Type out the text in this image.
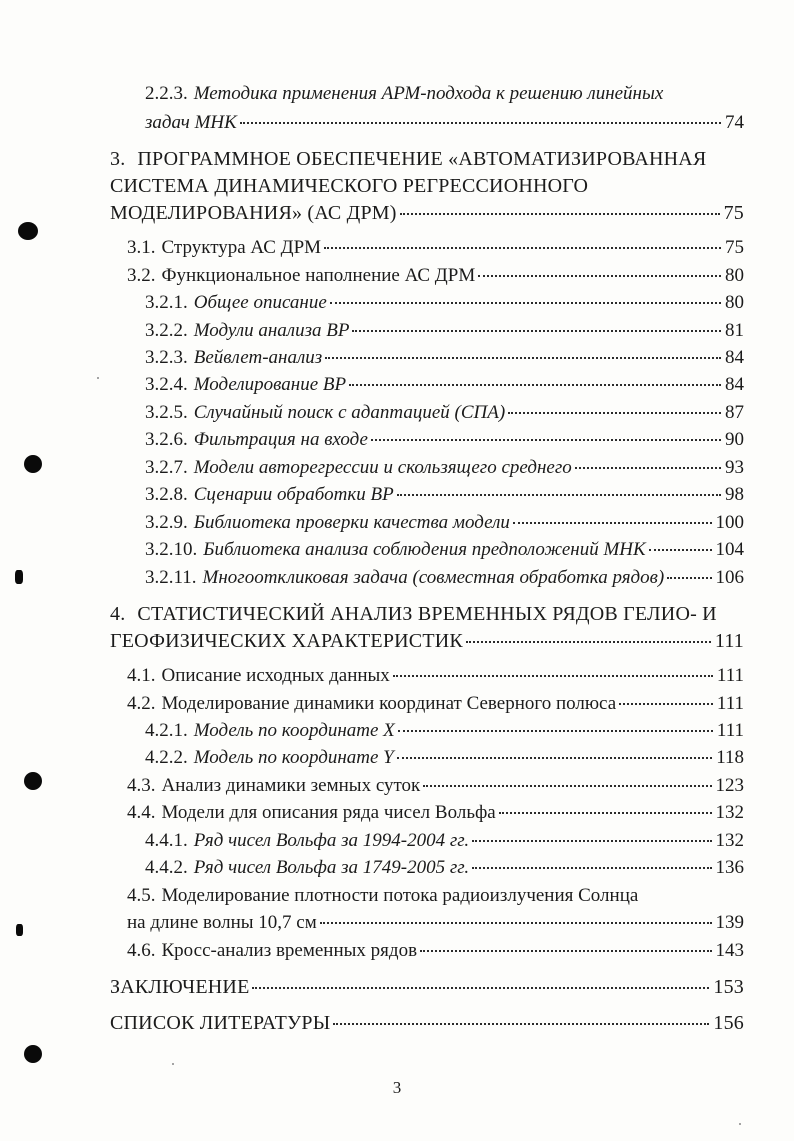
2.2.3. Методика применения АРМ-подхода к решению линейных
задач МНК	74
3. ПРОГРАММНОЕ ОБЕСПЕЧЕНИЕ «АВТОМАТИЗИРОВАННАЯ
СИСТЕМА ДИНАМИЧЕСКОГО РЕГРЕССИОННОГО
МОДЕЛИРОВАНИЯ» (АС ДРМ)	75
3.1. Структура АС ДРМ	75
3.2. Функциональное наполнение АС ДРМ	80
3.2.1. Общее описание	80
3.2.2. Модули анализа ВР	81
3.2.3. Вейвлет-анализ	84
3.2.4. Моделирование ВР	84
3.2.5. Случайный поиск с адаптацией (СПА)	87
3.2.6. Фильтрация на входе	90
3.2.7. Модели авторегрессии и скользящего среднего	93
3.2.8. Сценарии обработки ВР	98
3.2.9. Библиотека проверки качества модели	100
3.2.10. Библиотека анализа соблюдения предположений МНК	104
3.2.11. Многооткликовая задача (совместная обработка рядов)	106
4. СТАТИСТИЧЕСКИЙ АНАЛИЗ ВРЕМЕННЫХ РЯДОВ ГЕЛИО- И
ГЕОФИЗИЧЕСКИХ ХАРАКТЕРИСТИК	111
4.1. Описание исходных данных	111
4.2. Моделирование динамики координат Северного полюса	111
4.2.1. Модель по координате X	111
4.2.2. Модель по координате Y	118
4.3. Анализ динамики земных суток	123
4.4. Модели для описания ряда чисел Вольфа	132
4.4.1. Ряд чисел Вольфа за 1994-2004 гг.	132
4.4.2. Ряд чисел Вольфа за 1749-2005 гг.	136
4.5. Моделирование плотности потока радиоизлучения Солнца
на длине волны 10,7 см	139
4.6. Кросс-анализ временных рядов	143
ЗАКЛЮЧЕНИЕ	153
СПИСОК ЛИТЕРАТУРЫ	156
3
